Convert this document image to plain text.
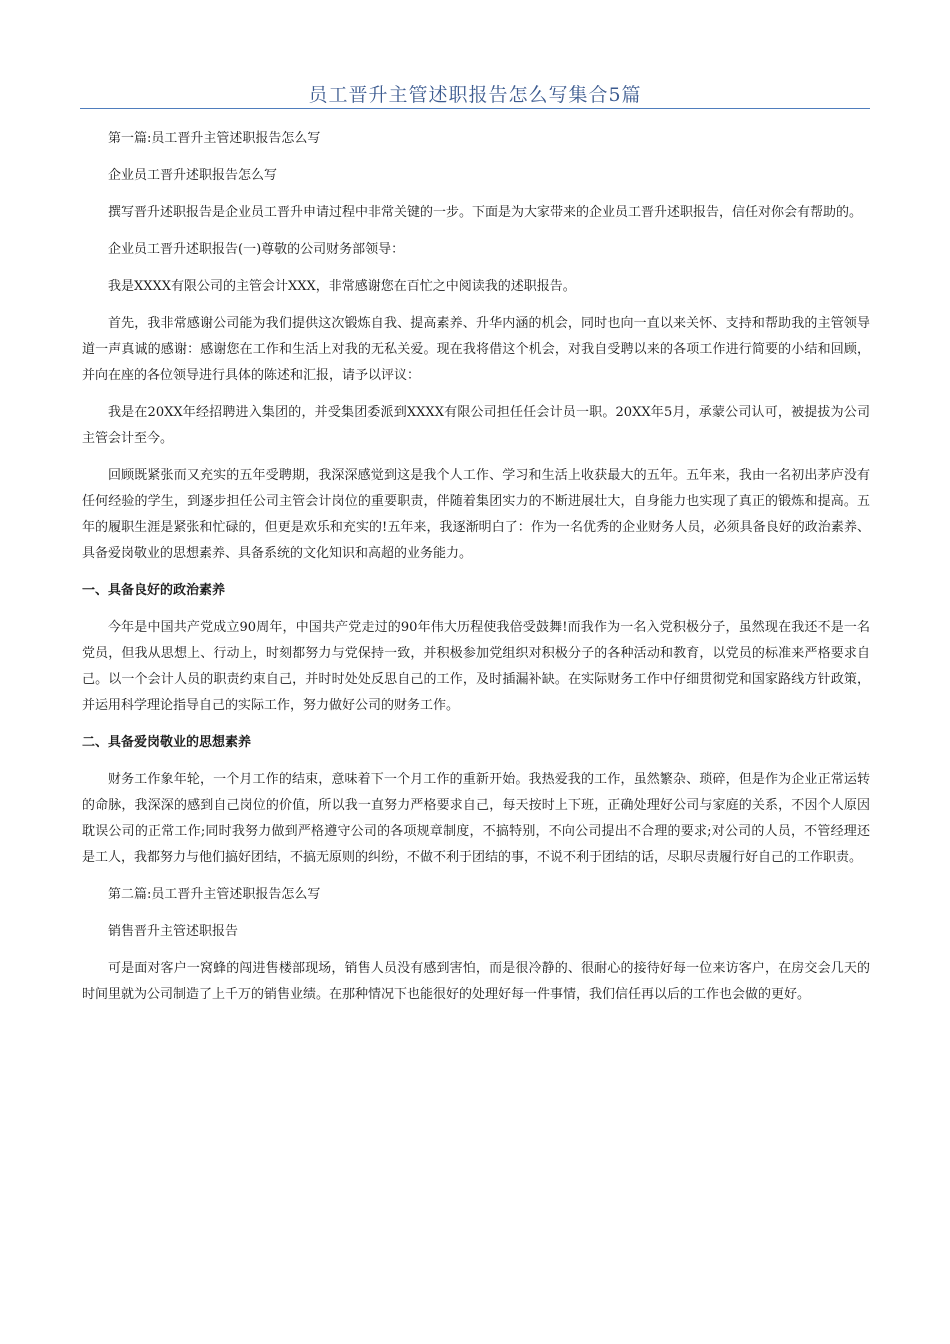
员工晋升主管述职报告怎么写集合5篇

第一篇:员工晋升主管述职报告怎么写

企业员工晋升述职报告怎么写

撰写晋升述职报告是企业员工晋升申请过程中非常关键的一步。下面是为大家带来的企业员工晋升述职报告，信任对你会有帮助的。

企业员工晋升述职报告(一)尊敬的公司财务部领导：

我是XXXX有限公司的主管会计XXX，非常感谢您在百忙之中阅读我的述职报告。

首先，我非常感谢公司能为我们提供这次锻炼自我、提高素养、升华内涵的机会，同时也向一直以来关怀、支持和帮助我的主管领导道一声真诚的感谢：感谢您在工作和生活上对我的无私关爱。现在我将借这个机会，对我自受聘以来的各项工作进行简要的小结和回顾，并向在座的各位领导进行具体的陈述和汇报，请予以评议：

我是在20XX年经招聘进入集团的，并受集团委派到XXXX有限公司担任任会计员一职。20XX年5月，承蒙公司认可，被提拔为公司主管会计至今。

回顾既紧张而又充实的五年受聘期，我深深感觉到这是我个人工作、学习和生活上收获最大的五年。五年来，我由一名初出茅庐没有任何经验的学生，到逐步担任公司主管会计岗位的重要职责，伴随着集团实力的不断进展壮大，自身能力也实现了真正的锻炼和提高。五年的履职生涯是紧张和忙碌的，但更是欢乐和充实的!五年来，我逐渐明白了：作为一名优秀的企业财务人员，必须具备良好的政治素养、具备爱岗敬业的思想素养、具备系统的文化知识和高超的业务能力。

一、具备良好的政治素养

今年是中国共产党成立90周年，中国共产党走过的90年伟大历程使我倍受鼓舞!而我作为一名入党积极分子，虽然现在我还不是一名党员，但我从思想上、行动上，时刻都努力与党保持一致，并积极参加党组织对积极分子的各种活动和教育，以党员的标准来严格要求自己。以一个会计人员的职责约束自己，并时时处处反思自己的工作，及时插漏补缺。在实际财务工作中仔细贯彻党和国家路线方针政策，并运用科学理论指导自己的实际工作，努力做好公司的财务工作。

二、具备爱岗敬业的思想素养

财务工作象年轮，一个月工作的结束，意味着下一个月工作的重新开始。我热爱我的工作，虽然繁杂、琐碎，但是作为企业正常运转的命脉，我深深的感到自己岗位的价值，所以我一直努力严格要求自己，每天按时上下班，正确处理好公司与家庭的关系，不因个人原因耽误公司的正常工作;同时我努力做到严格遵守公司的各项规章制度，不搞特别，不向公司提出不合理的要求;对公司的人员，不管经理还是工人，我都努力与他们搞好团结，不搞无原则的纠纷，不做不利于团结的事，不说不利于团结的话，尽职尽责履行好自己的工作职责。

第二篇:员工晋升主管述职报告怎么写

销售晋升主管述职报告

可是面对客户一窝蜂的闯进售楼部现场，销售人员没有感到害怕，而是很冷静的、很耐心的接待好每一位来访客户，在房交会几天的时间里就为公司制造了上千万的销售业绩。在那种情况下也能很好的处理好每一件事情，我们信任再以后的工作也会做的更好。
